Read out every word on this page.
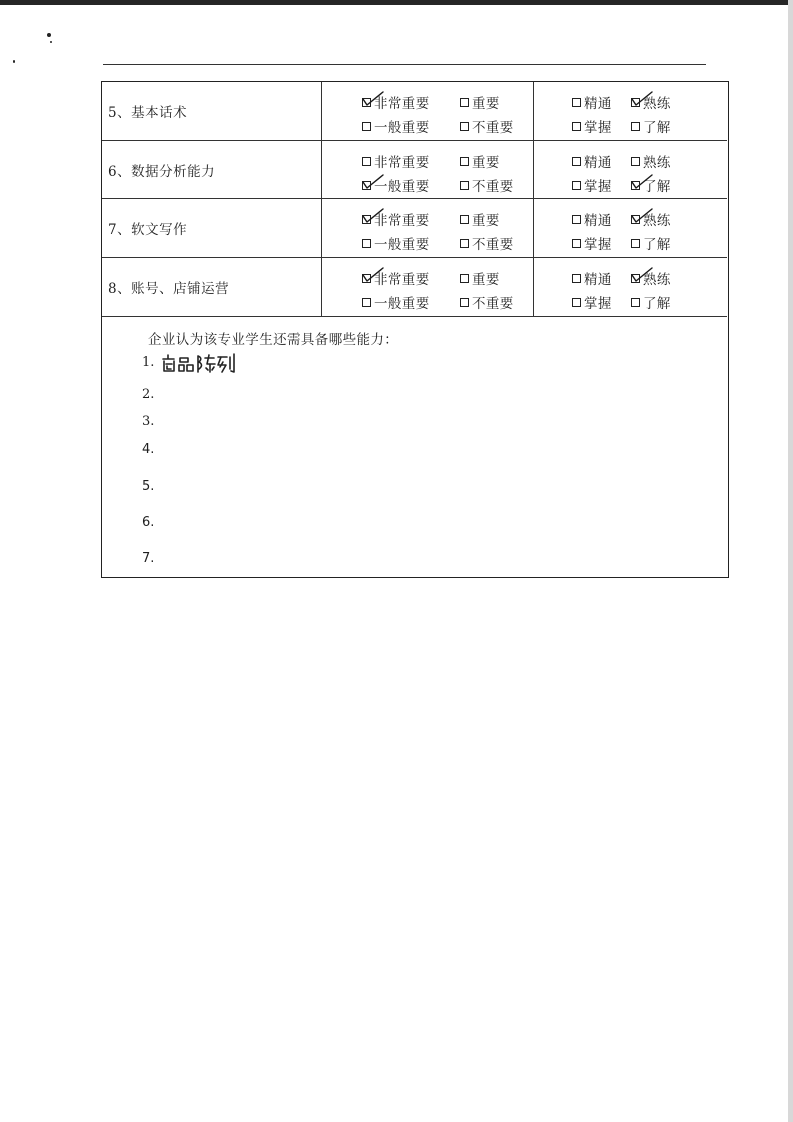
5、基本话术
非常重要	重要
一般重要	不重要
精通 熟练
掌握 了解
6、数据分析能力
非常重要	重要
一般重要	不重要
精通 熟练
掌握 了解
7、软文写作
非常重要	重要
一般重要	不重要
精通 熟练
掌握 了解
8、账号、店铺运营
非常重要	重要
一般重要	不重要
精通 熟练
掌握 了解
企业认为该专业学生还需具备哪些能力：
1.
2.
3.
4.
5.
6.
7.
